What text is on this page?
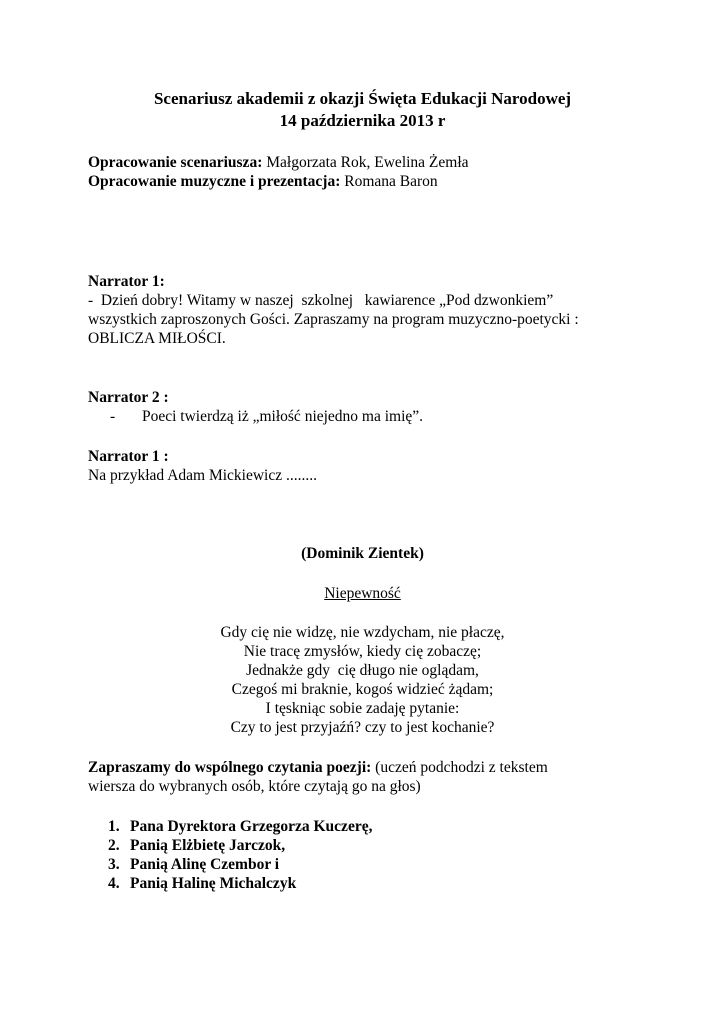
Scenariusz akademii z okazji Święta Edukacji Narodowej
14 października 2013 r
Opracowanie scenariusza: Małgorzata Rok, Ewelina Żemła
Opracowanie muzyczne i prezentacja: Romana Baron
Narrator 1:
-  Dzień dobry! Witamy w naszej  szkolnej   kawiarence „Pod dzwonkiem”
wszystkich zaproszonych Gości. Zapraszamy na program muzyczno-poetycki :
OBLICZA MIŁOŚCI.
Narrator 2 :
- Poeci twierdzą iż „miłość niejedno ma imię”.
Narrator 1 :
Na przykład Adam Mickiewicz ........
(Dominik Zientek)
Niepewność
Gdy cię nie widzę, nie wzdycham, nie płaczę,
Nie tracę zmysłów, kiedy cię zobaczę;
Jednakże gdy  cię długo nie oglądam,
Czegoś mi braknie, kogoś widzieć żądam;
I tęskniąc sobie zadaję pytanie:
Czy to jest przyjaźń? czy to jest kochanie?
Zapraszamy do wspólnego czytania poezji: (uczeń podchodzi z tekstem
wiersza do wybranych osób, które czytają go na głos)
1. Pana Dyrektora Grzegorza Kuczerę,
2. Panią Elżbietę Jarczok,
3. Panią Alinę Czembor i
4. Panią Halinę Michalczyk
